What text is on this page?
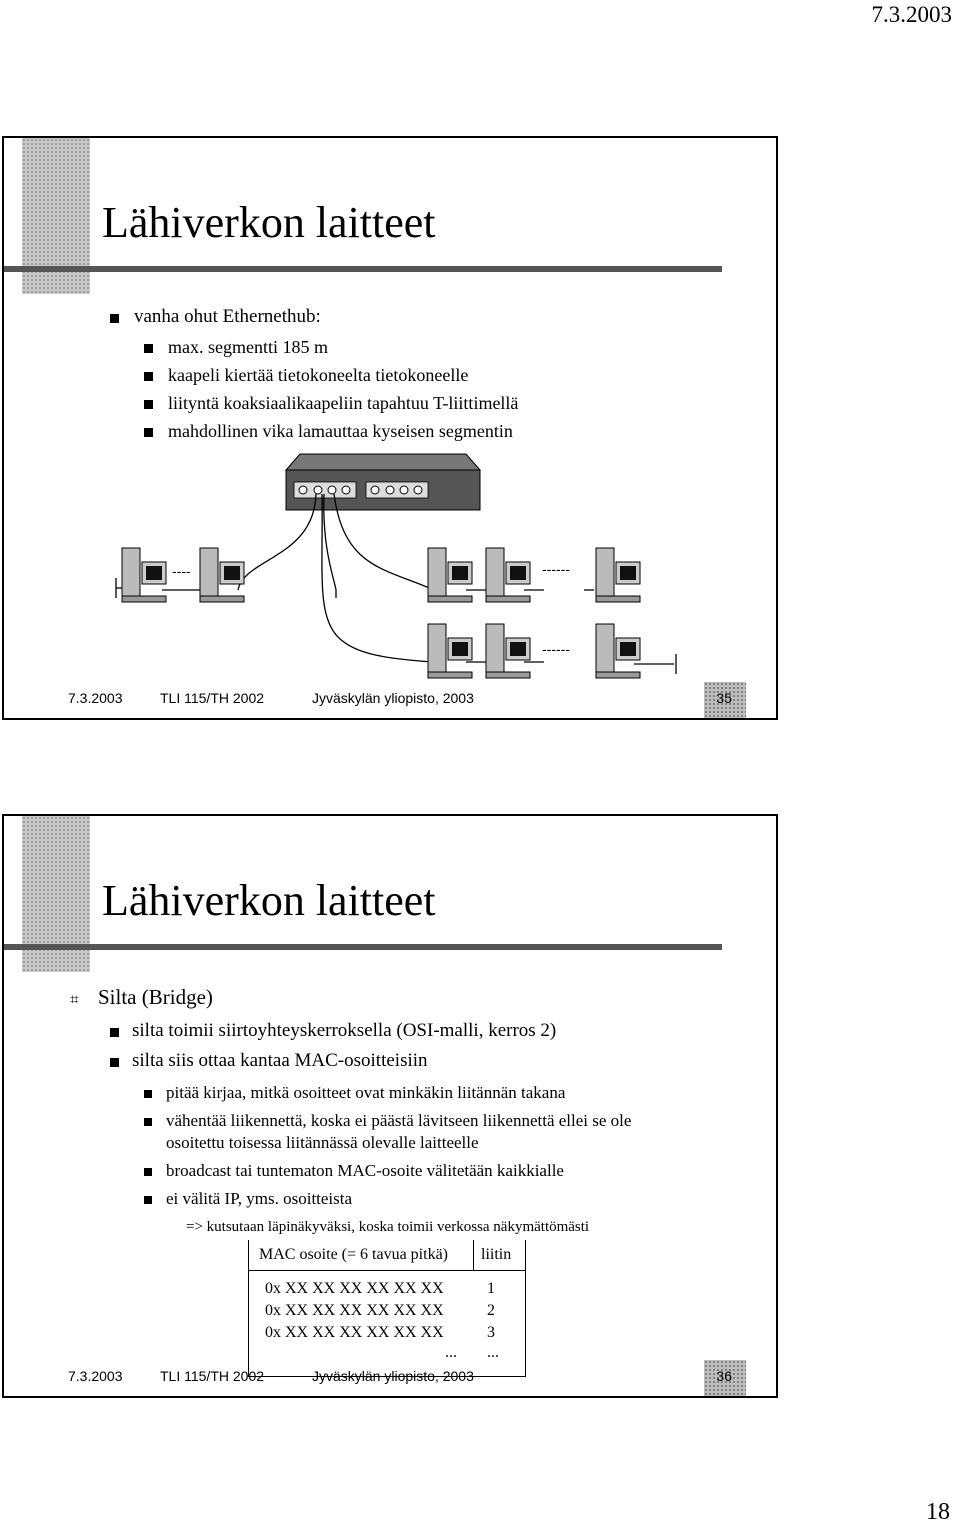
7.3.2003
Lähiverkon laitteet
vanha ohut Ethernethub:
max. segmentti 185 m
kaapeli kiertää tietokoneelta tietokoneelle
liityntä koaksiaalikaapeliin tapahtuu T-liittimellä
mahdollinen vika lamauttaa kyseisen segmentin
----	------
------
7.3.2003	TLI 115/TH 2002	Jyväskylän yliopisto, 2003	35
Lähiverkon laitteet
⌗ Silta (Bridge)
silta toimii siirtoyhteyskerroksella (OSI-malli, kerros 2)
silta siis ottaa kantaa MAC-osoitteisiin
pitää kirjaa, mitkä osoitteet ovat minkäkin liitännän takana
vähentää liikennettä, koska ei päästä lävitseen liikennettä ellei se ole
osoitettu toisessa liitännässä olevalle laitteelle
broadcast tai tuntematon MAC-osoite välitetään kaikkialle
ei välitä IP, yms. osoitteista
=> kutsutaan läpinäkyväksi, koska toimii verkossa näkymättömästi
MAC osoite (= 6 tavua pitkä) liitin
0x XX XX XX XX XX XX	1
0x XX XX XX XX XX XX	2
0x XX XX XX XX XX XX	3
... ...
7.3.2003	TLI 115/TH 2002	Jyväskylän yliopisto, 2003	36
18
